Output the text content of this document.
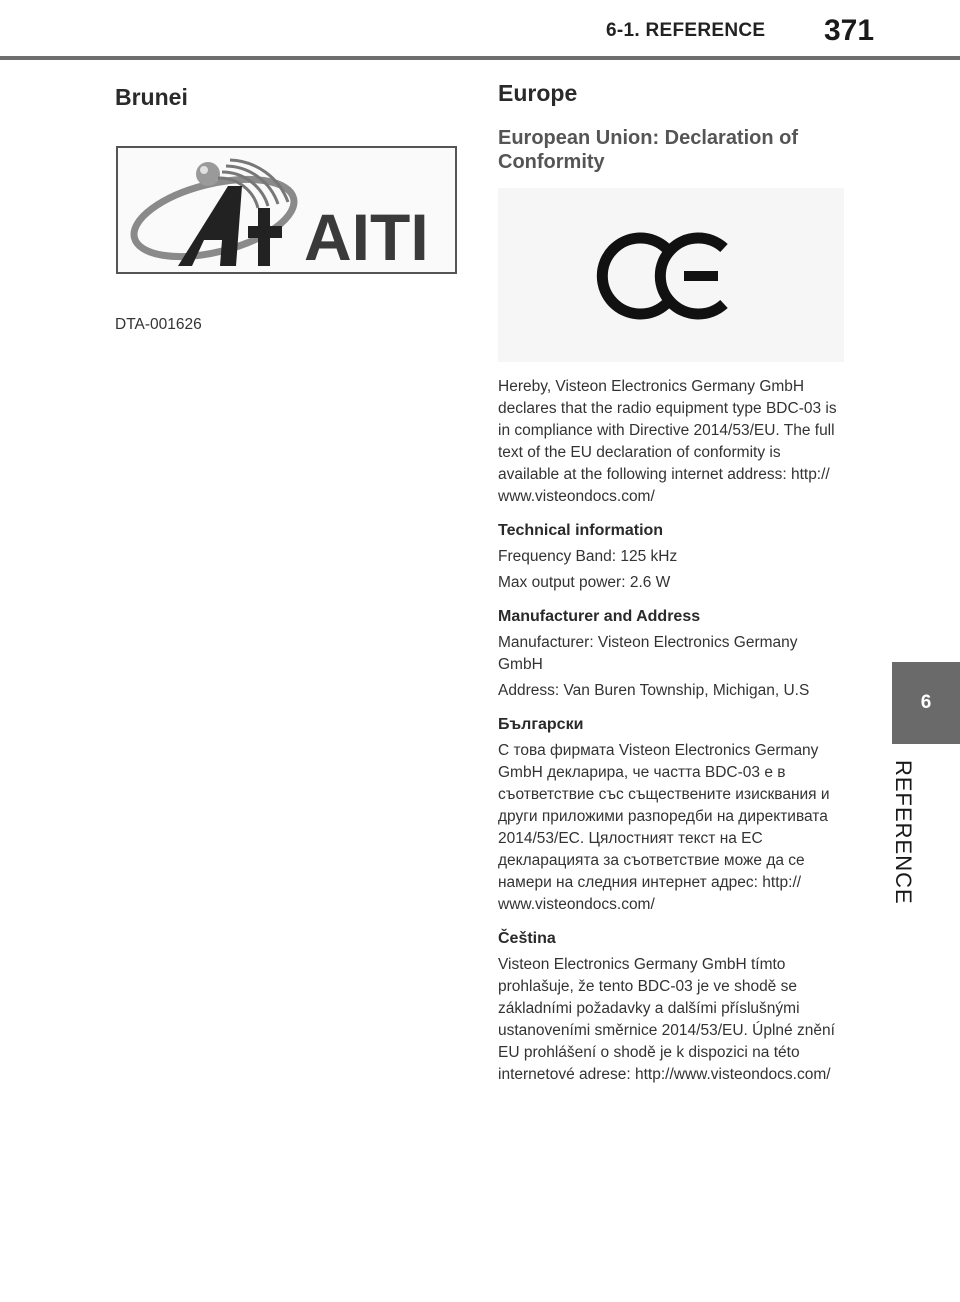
6-1. REFERENCE 371
6
REFERENCE
Brunei
AITI
DTA-001626
Europe
European Union: Declaration of Conformity

Hereby, Visteon Electronics Germany GmbH declares that the radio equipment type BDC-03 is in compliance with Directive 2014/53/EU. The full text of the EU declaration of conformity is available at the following internet address: http:// www.visteondocs.com/

Technical information

Frequency Band: 125 kHz

Max output power: 2.6 W

Manufacturer and Address

Manufacturer: Visteon Electronics Germany GmbH

Address: Van Buren Township, Michigan, U.S

Български

С това фирмата Visteon Electronics Germany GmbH декларира, че частта BDC-03 е в съответствие със съществените изисквания и други приложими разпоредби на директивата 2014/53/ЕС. Цялостният текст на ЕС декларацията за съответствие може да се намери на следния интернет адрес: http:// www.visteondocs.com/

Čeština

Visteon Electronics Germany GmbH tímto prohlašuje, že tento BDC-03 je ve shodě se základními požadavky a dalšími příslušnými ustanoveními směrnice 2014/53/EU. Úplné znění EU prohlášení o shodě je k dispozici na této internetové adrese: http://www.visteondocs.com/
